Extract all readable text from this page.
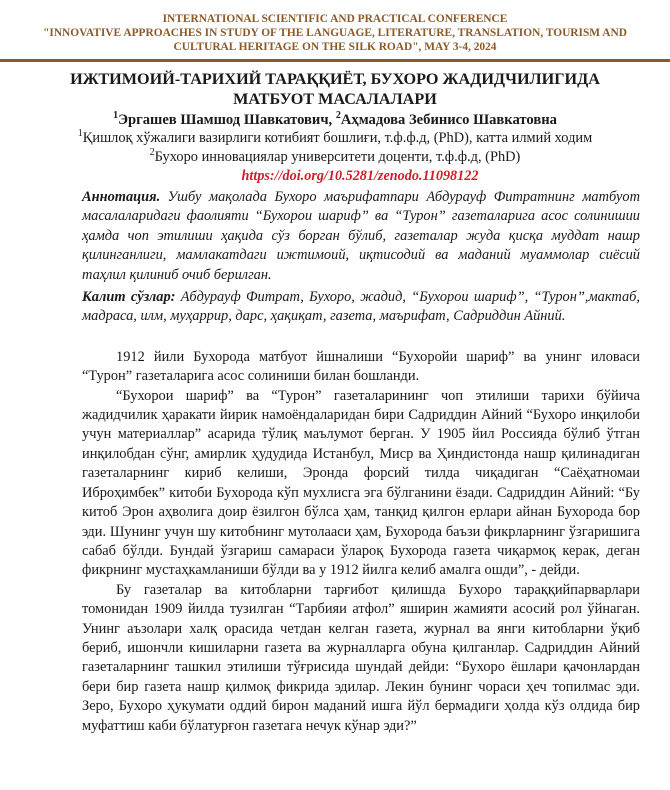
INTERNATIONAL SCIENTIFIC AND PRACTICAL CONFERENCE
"INNOVATIVE APPROACHES IN STUDY OF THE LANGUAGE, LITERATURE, TRANSLATION, TOURISM AND
CULTURAL HERITAGE ON THE SILK ROAD", MAY 3-4, 2024
ИЖТИМОИЙ-ТАРИХИЙ ТАРАҚҚИЁТ, БУХОРО ЖАДИДЧИЛИГИДА МАТБУОТ МАСАЛАЛАРИ
$^1$Эргашев Шамшод Шавкатович, $^2$Аҳмадова Зебинисо Шавкатовна
$^1$Қишлоқ хўжалиги вазирлиги котибият бошлиғи, т.ф.ф.д, (PhD), катта илмий ходим
$^2$Бухоро инновациялар университети доценти, т.ф.ф.д, (PhD)
https://doi.org/10.5281/zenodo.11098122
Аннотация. Ушбу мақолада Бухоро маърифатпари Абдурауф Фитратнинг матбуот масалаларидаги фаолияти “Бухорои шариф” ва “Турон” газеталарига асос солинишии ҳамда чоп этилиши ҳақида сўз борган бўлиб, газеталар жуда қисқа муддат нашр қилинганлиги, мамлакатдаги ижтимоий, иқтисодий ва маданий муаммолар сиёсий таҳлил қилиниб очиб берилган.
Калит сўзлар: Абдурауф Фитрат, Бухоро, жадид, “Бухорои шариф”, “Турон”,мактаб, мадраса, илм, муҳаррир, дарс, ҳақиқат, газета, маърифат, Садриддин Айний.

1912 йили Бухорода матбуот йшналиши “Бухоройи шариф” ва унинг иловаси “Турон” газеталарига асос солиниши билан бошланди.

“Бухорои шариф” ва “Турон” газеталарининг чоп этилиши тарихи бўйича жадидчилик ҳаракати йирик намоёндаларидан бири Садриддин Айний “Бухоро инқилоби учун материаллар” асарида тўлиқ маълумот берган. У 1905 йил Россияда бўлиб ўтган инқилобдан сўнг, амирлик ҳудудида Истанбул, Миср ва Ҳиндистонда нашр қилинадиган газеталарнинг кириб келиши, Эронда форсий тилда чиқадиган “Саёҳатномаи Иброҳимбек” китоби Бухорода кўп мухлисга эга бўлганини ёзади. Садриддин Айний: “Бу китоб Эрон аҳволига доир ёзилгон бўлса ҳам, танқид қилгон ерлари айнан Бухорода бор эди. Шунинг учун шу китобнинг мутолааси ҳам, Бухорода баъзи фикрларнинг ўзгаришига сабаб бўлди. Бундай ўзгариш самараси ўлароқ Бухорода газета чиқармоқ керак, деган фикрнинг мустаҳкамланиши бўлди ва у 1912 йилга келиб амалга ошди”, - дейди.

Бу газеталар ва китобларни тарғибот қилишда Бухоро тараққийпарварлари томонидан 1909 йилда тузилган “Тарбияи атфол” яширин жамияти асосий рол ўйнаган. Унинг аъзолари халқ орасида четдан келган газета, журнал ва янги китобларни ўқиб бериб, ишончли кишиларни газета ва журналларга обуна қилганлар. Садриддин Айний газеталарнинг ташкил этилиши тўғрисида шундай дейди: “Бухоро ёшлари қачонлардан бери бир газета нашр қилмоқ фикрида эдилар. Лекин бунинг чораси ҳеч топилмас эди. Зеро, Бухоро ҳукумати оддий бирон маданий ишга йўл бермадиги ҳолда кўз олдида бир муфаттиш каби бўлатурғон газетага нечук кўнар эди?”
